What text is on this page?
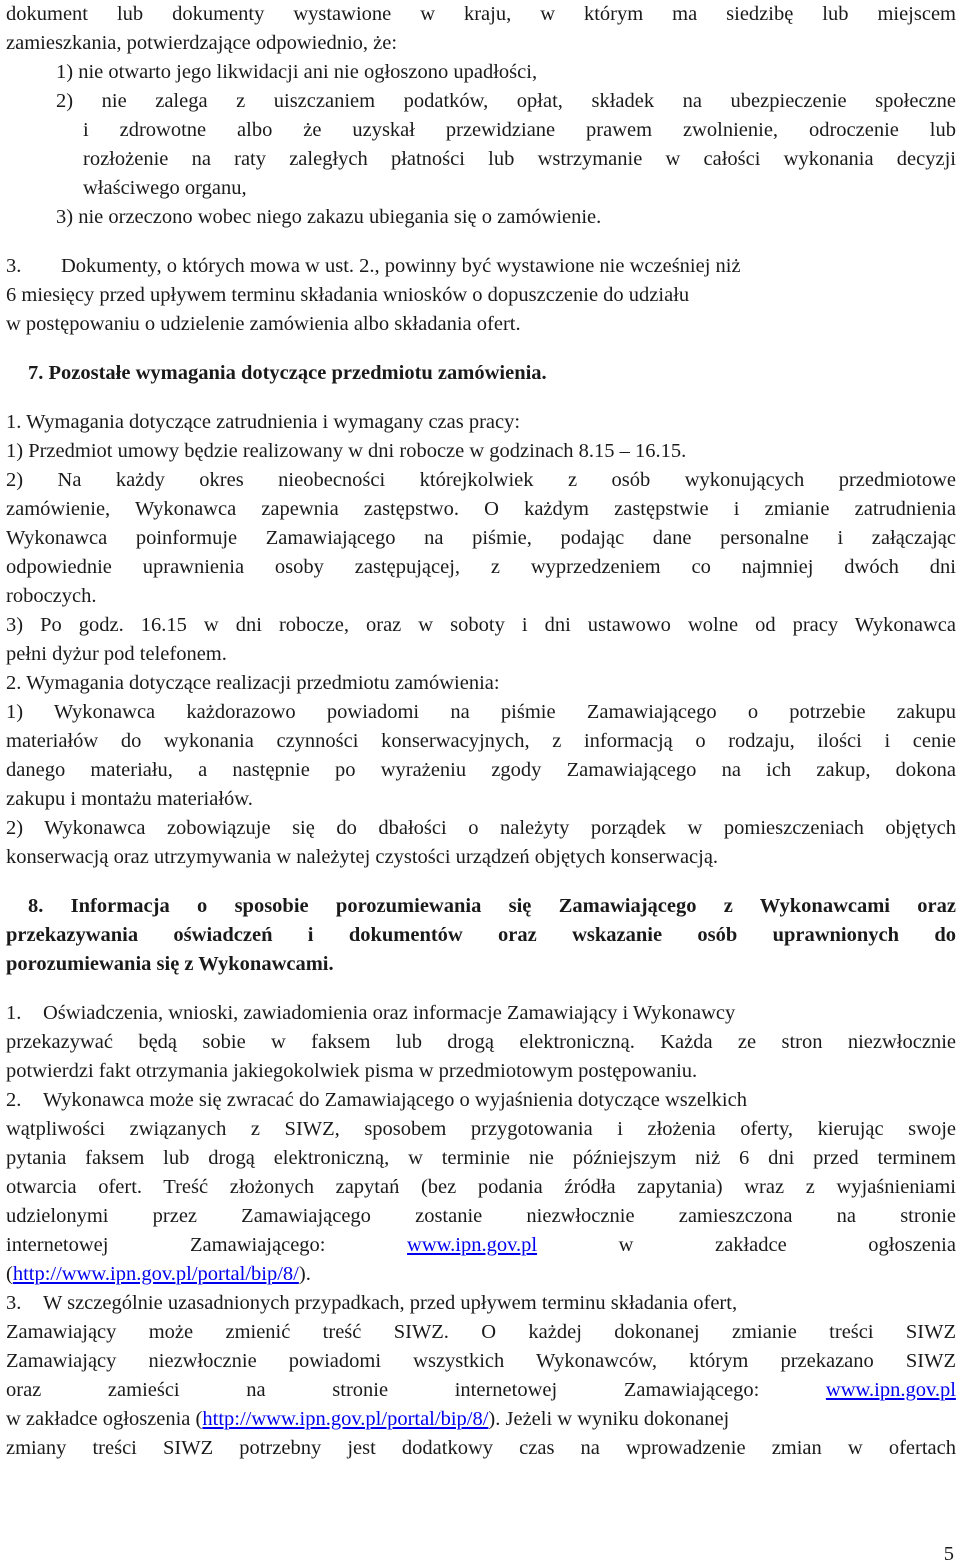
dokument lub dokumenty wystawione w kraju, w którym ma siedzibę lub miejscem
zamieszkania, potwierdzające odpowiednio, że:
1) nie otwarto jego likwidacji ani nie ogłoszono upadłości,
2) nie zalega z uiszczaniem podatków, opłat, składek na ubezpieczenie społeczne
i zdrowotne albo że uzyskał przewidziane prawem zwolnienie, odroczenie lub
rozłożenie na raty zaległych płatności lub wstrzymanie w całości wykonania decyzji
właściwego organu,
3) nie orzeczono wobec niego zakazu ubiegania się o zamówienie.
3. Dokumenty, o których mowa w ust. 2., powinny być wystawione nie wcześniej niż
6 miesięcy przed upływem terminu składania wniosków o dopuszczenie do udziału
w postępowaniu o udzielenie zamówienia albo składania ofert.
7. Pozostałe wymagania dotyczące przedmiotu zamówienia.
1. Wymagania dotyczące zatrudnienia i wymagany czas pracy:
1) Przedmiot umowy będzie realizowany w dni robocze w godzinach 8.15 – 16.15.
2) Na każdy okres nieobecności którejkolwiek z osób wykonujących przedmiotowe
zamówienie, Wykonawca zapewnia zastępstwo. O każdym zastępstwie i zmianie zatrudnienia
Wykonawca poinformuje Zamawiającego na piśmie, podając dane personalne i załączając
odpowiednie uprawnienia osoby zastępującej, z wyprzedzeniem co najmniej dwóch dni
roboczych.
3) Po godz. 16.15 w dni robocze, oraz w soboty i dni ustawowo wolne od pracy Wykonawca
pełni dyżur pod telefonem.
2. Wymagania dotyczące realizacji przedmiotu zamówienia:
1) Wykonawca każdorazowo powiadomi na piśmie Zamawiającego o potrzebie zakupu
materiałów do wykonania czynności konserwacyjnych, z informacją o rodzaju, ilości i cenie
danego materiału, a następnie po wyrażeniu zgody Zamawiającego na ich zakup, dokona
zakupu i montażu materiałów.
2) Wykonawca zobowiązuje się do dbałości o należyty porządek w pomieszczeniach objętych
konserwacją oraz utrzymywania w należytej czystości urządzeń objętych konserwacją.
8. Informacja o sposobie porozumiewania się Zamawiającego z Wykonawcami oraz
przekazywania oświadczeń i dokumentów oraz wskazanie osób uprawnionych do
porozumiewania się z Wykonawcami.
1. Oświadczenia, wnioski, zawiadomienia oraz informacje Zamawiający i Wykonawcy
przekazywać będą sobie w faksem lub drogą elektroniczną. Każda ze stron niezwłocznie
potwierdzi fakt otrzymania jakiegokolwiek pisma w przedmiotowym postępowaniu.
2. Wykonawca może się zwracać do Zamawiającego o wyjaśnienia dotyczące wszelkich
wątpliwości związanych z SIWZ, sposobem przygotowania i złożenia oferty, kierując swoje
pytania faksem lub drogą elektroniczną, w terminie nie późniejszym niż 6 dni przed terminem
otwarcia ofert. Treść złożonych zapytań (bez podania źródła zapytania) wraz z wyjaśnieniami
udzielonymi przez Zamawiającego zostanie niezwłocznie zamieszczona na stronie
internetowej	Zamawiającego:	www.ipn.gov.pl	w	zakładce	ogłoszenia
(http://www.ipn.gov.pl/portal/bip/8/).
3. W szczególnie uzasadnionych przypadkach, przed upływem terminu składania ofert,
Zamawiający może zmienić treść SIWZ. O każdej dokonanej zmianie treści SIWZ
Zamawiający niezwłocznie powiadomi wszystkich Wykonawców, którym przekazano SIWZ
oraz	zamieści	na	stronie	internetowej	Zamawiającego:	www.ipn.gov.pl
w zakładce ogłoszenia (http://www.ipn.gov.pl/portal/bip/8/). Jeżeli w wyniku dokonanej
zmiany treści SIWZ potrzebny jest dodatkowy czas na wprowadzenie zmian w ofertach
5
